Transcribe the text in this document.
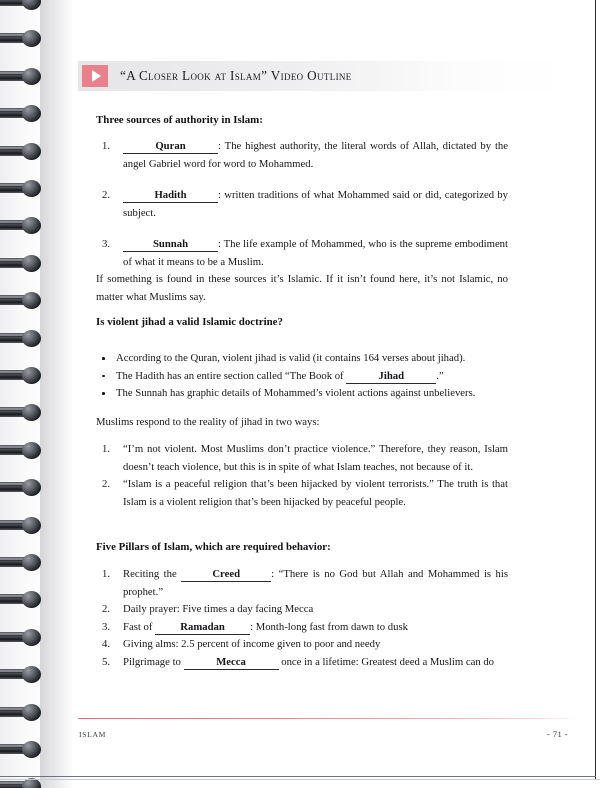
“A Closer Look at Islam” Video Outline
Three sources of authority in Islam:
1.	Quran	: The highest authority, the literal words of Allah, dictated by the angel Gabriel word for word to Mohammed.
2.	Hadith	: written traditions of what Mohammed said or did, categorized by subject.
3.	Sunnah	: The life example of Mohammed, who is the supreme embodiment of what it means to be a Muslim.

If something is found in these sources it’s Islamic. If it isn’t found here, it’s not Islamic, no matter what Muslims say.

Is violent jihad a valid Islamic doctrine?
According to the Quran, violent jihad is valid (it contains 164 verses about jihad).
The Hadith has an entire section called “The Book of	Jihad	.”
The Sunnah has graphic details of Mohammed’s violent actions against unbelievers.

Muslims respond to the reality of jihad in two ways:

1.	“I’m not violent. Most Muslims don’t practice violence.” Therefore, they reason, Islam doesn’t teach violence, but this is in spite of what Islam teaches, not because of it.
2.	“Islam is a peaceful religion that’s been hijacked by violent terrorists.” The truth is that Islam is a violent religion that’s been hijacked by peaceful people.
Five Pillars of Islam, which are required behavior:
1.	Reciting the	Creed	: “There is no God but Allah and Mohammed is his prophet.”
2.	Daily prayer: Five times a day facing Mecca
3.	Fast of Ramadan : Month-long fast from dawn to dusk
4.	Giving alms: 2.5 percent of income given to poor and needy
5.	Pilgrimage to	Mecca	once in a lifetime: Greatest deed a Muslim can do
ISLAM	- 71 -
